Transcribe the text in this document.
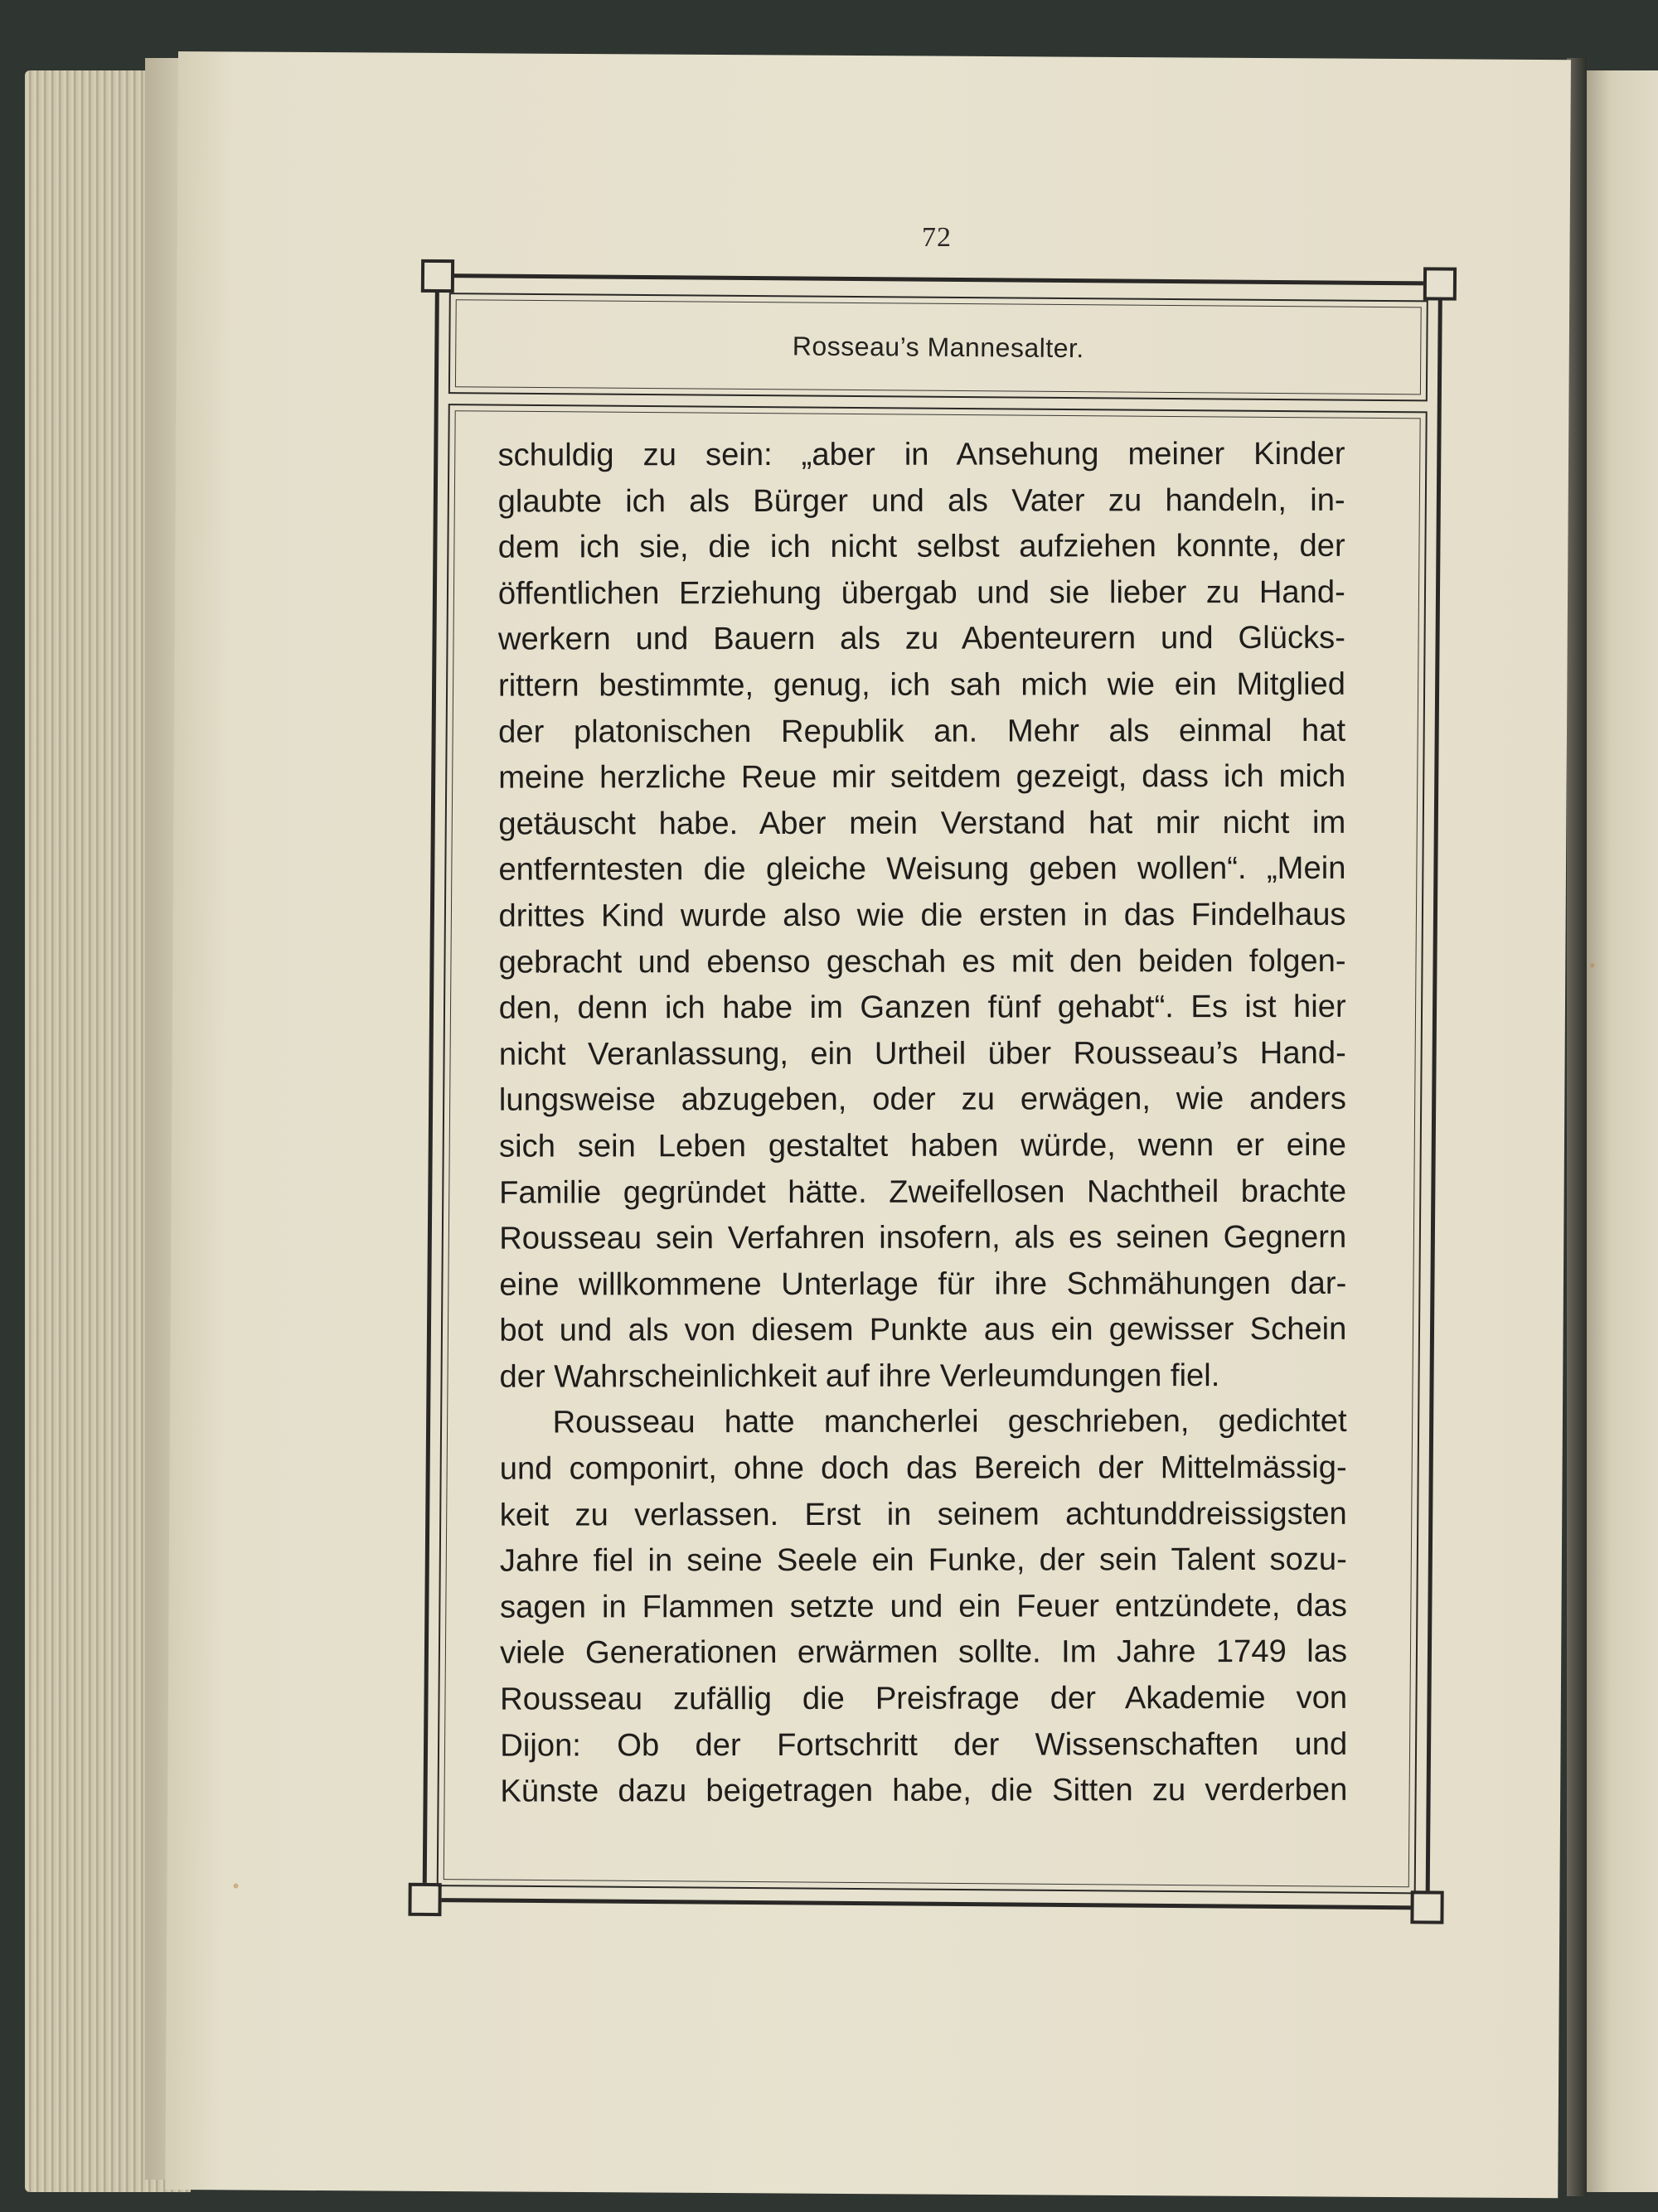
72
Rosseau’s Mannesalter.
schuldig zu sein: „aber in Ansehung meiner Kinder
glaubte ich als Bürger und als Vater zu handeln, in-
dem ich sie, die ich nicht selbst aufziehen konnte, der
öffentlichen Erziehung übergab und sie lieber zu Hand-
werkern und Bauern als zu Abenteurern und Glücks-
rittern bestimmte, genug, ich sah mich wie ein Mitglied
der platonischen Republik an. Mehr als einmal hat
meine herzliche Reue mir seitdem gezeigt, dass ich mich
getäuscht habe. Aber mein Verstand hat mir nicht im
entferntesten die gleiche Weisung geben wollen“. „Mein
drittes Kind wurde also wie die ersten in das Findelhaus
gebracht und ebenso geschah es mit den beiden folgen-
den, denn ich habe im Ganzen fünf gehabt“. Es ist hier
nicht Veranlassung, ein Urtheil über Rousseau’s Hand-
lungsweise abzugeben, oder zu erwägen, wie anders
sich sein Leben gestaltet haben würde, wenn er eine
Familie gegründet hätte. Zweifellosen Nachtheil brachte
Rousseau sein Verfahren insofern, als es seinen Gegnern
eine willkommene Unterlage für ihre Schmähungen dar-
bot und als von diesem Punkte aus ein gewisser Schein
der Wahrscheinlichkeit auf ihre Verleumdungen fiel.
Rousseau hatte mancherlei geschrieben, gedichtet
und componirt, ohne doch das Bereich der Mittelmässig-
keit zu verlassen. Erst in seinem achtunddreissigsten
Jahre fiel in seine Seele ein Funke, der sein Talent sozu-
sagen in Flammen setzte und ein Feuer entzündete, das
viele Generationen erwärmen sollte. Im Jahre 1749 las
Rousseau zufällig die Preisfrage der Akademie von
Dijon: Ob der Fortschritt der Wissenschaften und
Künste dazu beigetragen habe, die Sitten zu verderben
